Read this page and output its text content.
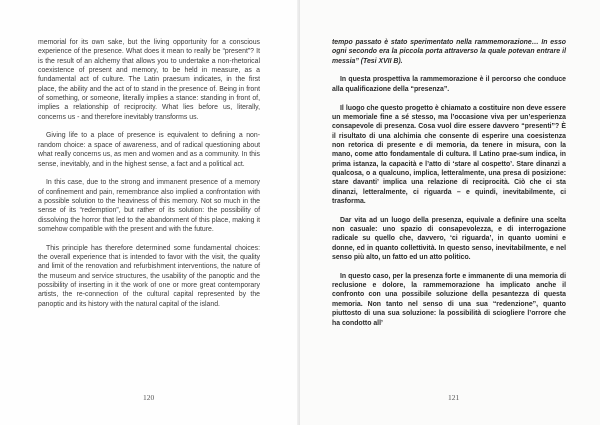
memorial for its own sake, but the living opportunity for a conscious experience of the presence. What does it mean to really be “present”? It is the result of an alchemy that allows you to undertake a non-rhetorical coexistence of present and memory, to be held in measure, as a fundamental act of culture. The Latin praesum indicates, in the first place, the ability and the act of to stand in the presence of. Being in front of something, or someone, literally implies a stance: standing in front of, implies a relationship of reciprocity. What lies before us, literally, concerns us - and therefore inevitably transforms us.

Giving life to a place of presence is equivalent to defining a non-random choice: a space of awareness, and of radical questioning about what really concerns us, as men and women and as a community. In this sense, inevitably, and in the highest sense, a fact and a political act.

In this case, due to the strong and immanent presence of a memory of confinement and pain, remembrance also implied a confrontation with a possible solution to the heaviness of this memory. Not so much in the sense of its “redemption”, but rather of its solution: the possibility of dissolving the horror that led to the abandonment of this place, making it somehow compatible with the present and with the future.

This principle has therefore determined some fundamental choices: the overall experience that is intended to favor with the visit, the quality and limit of the renovation and refurbishment interventions, the nature of the museum and service structures, the usability of the panoptic and the possibility of inserting in it the work of one or more great contemporary artists, the re-connection of the cultural capital represented by the panoptic and its history with the natural capital of the island.

120

tempo passato è stato sperimentato nella rammemorazione… In esso ogni secondo era la piccola porta attraverso la quale potevan entrare il messia” (Tesi XVII B).

In questa prospettiva la rammemorazione è il percorso che conduce alla qualificazione della “presenza”.

Il luogo che questo progetto è chiamato a costituire non deve essere un memoriale fine a sé stesso, ma l’occasione viva per un’esperienza consapevole di presenza. Cosa vuol dire essere davvero “presenti”? È il risultato di una alchimia che consente di esperire una coesistenza non retorica di presente e di memoria, da tenere in misura, con la mano, come atto fondamentale di cultura. Il Latino prae-sum indica, in prima istanza, la capacità e l’atto di ‘stare al cospetto’. Stare dinanzi a qualcosa, o a qualcuno, implica, letteralmente, una presa di posizione: stare davanti’ implica una relazione di reciprocità. Ciò che ci sta dinanzi, letteralmente, ci riguarda – e quindi, inevitabilmente, ci trasforma.

Dar vita ad un luogo della presenza, equivale a definire una scelta non casuale: uno spazio di consapevolezza, e di interrogazione radicale su quello che, davvero, ‘ci riguarda’, in quanto uomini e donne, ed in quanto collettività. In questo senso, inevitabilmente, e nel senso più alto, un fatto ed un atto politico.

In questo caso, per la presenza forte e immanente di una memoria di reclusione e dolore, la rammemorazione ha implicato anche il confronto con una possibile soluzione della pesantezza di questa memoria. Non tanto nel senso di una sua “redenzione”, quanto piuttosto di una sua soluzione: la possibilità di sciogliere l’orrore che ha condotto all’

121
